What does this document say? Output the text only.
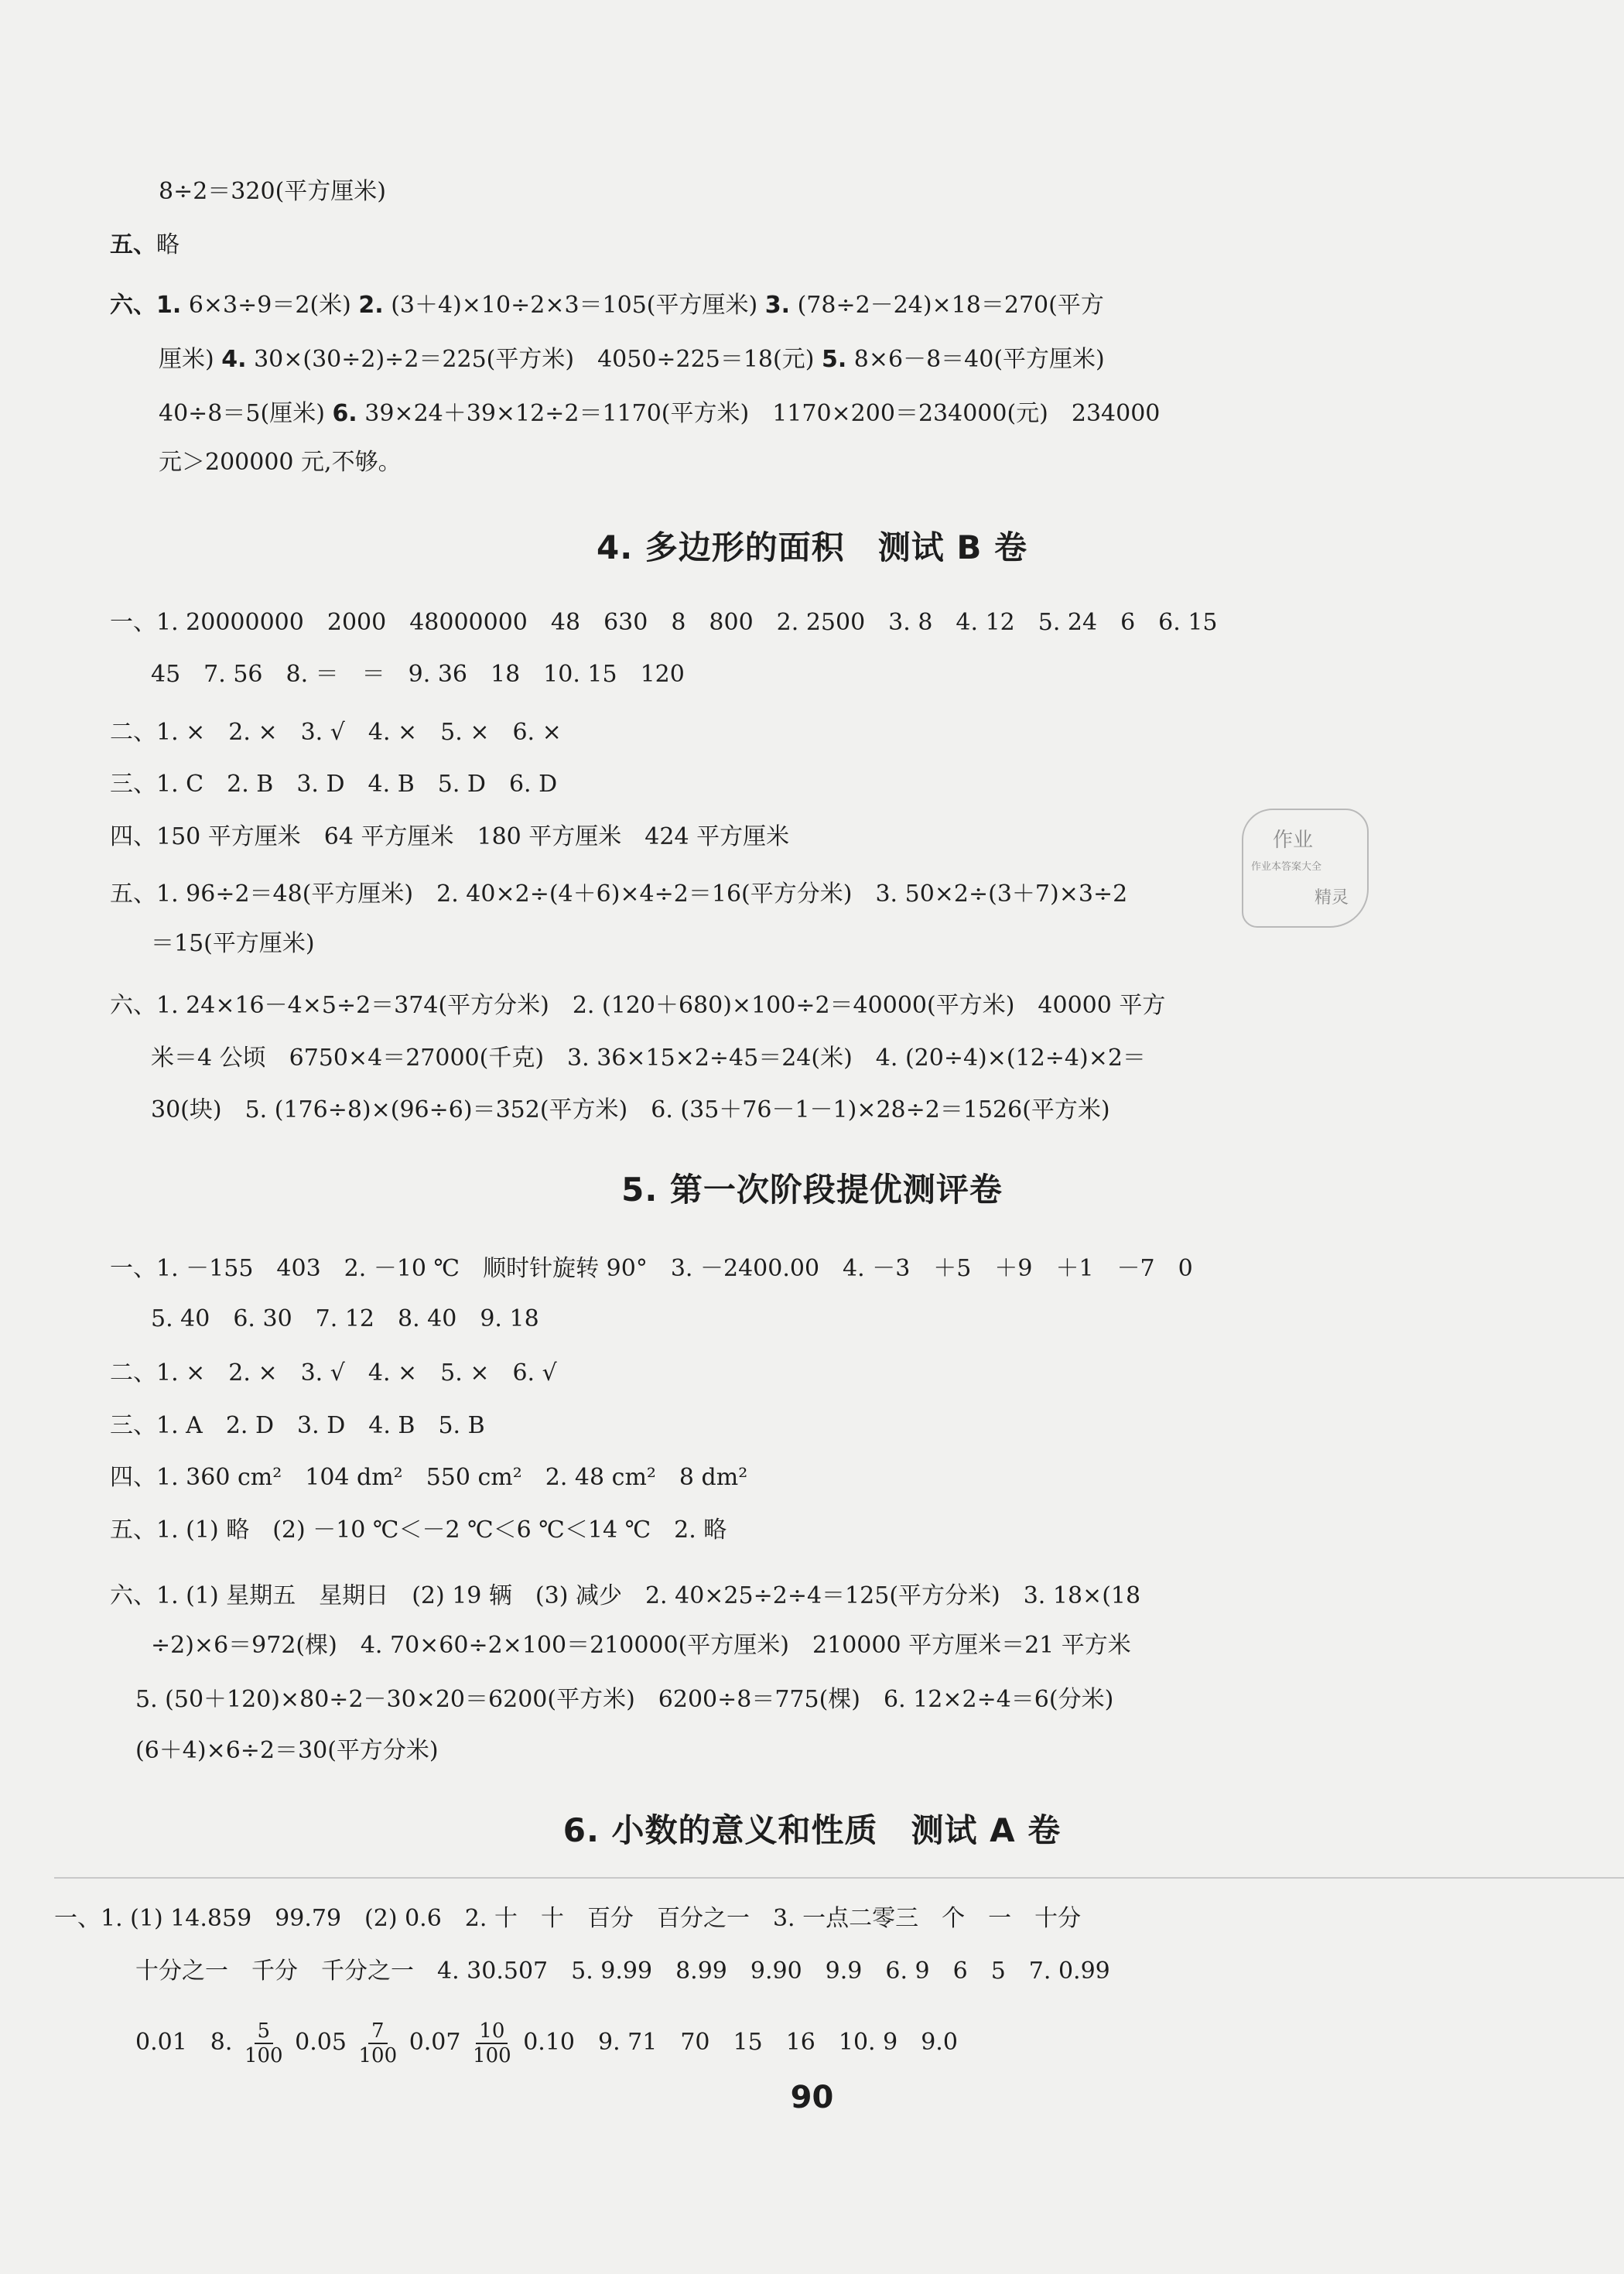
8÷2＝320(平方厘米)
五、略
六、1. 6×3÷9＝2(米) 2. (3＋4)×10÷2×3＝105(平方厘米) 3. (78÷2－24)×18＝270(平方
厘米) 4. 30×(30÷2)÷2＝225(平方米)　4050÷225＝18(元) 5. 8×6－8＝40(平方厘米)
40÷8＝5(厘米) 6. 39×24＋39×12÷2＝1170(平方米)　1170×200＝234000(元)　234000
元＞200000 元,不够。
4. 多边形的面积　测试 B 卷
一、1. 20000000　2000　48000000　48　630　8　800　2. 2500　3. 8　4. 12　5. 24　6　6. 15
45　7. 56　8. ＝　＝　9. 36　18　10. 15　120
二、1. ×　2. ×　3. √　4. ×　5. ×　6. ×
三、1. C　2. B　3. D　4. B　5. D　6. D
四、150 平方厘米　64 平方厘米　180 平方厘米　424 平方厘米
五、1. 96÷2＝48(平方厘米)　2. 40×2÷(4＋6)×4÷2＝16(平方分米)　3. 50×2÷(3＋7)×3÷2
＝15(平方厘米)
六、1. 24×16－4×5÷2＝374(平方分米)　2. (120＋680)×100÷2＝40000(平方米)　40000 平方
米＝4 公顷　6750×4＝27000(千克)　3. 36×15×2÷45＝24(米)　4. (20÷4)×(12÷4)×2＝
30(块)　5. (176÷8)×(96÷6)＝352(平方米)　6. (35＋76－1－1)×28÷2＝1526(平方米)
作业
作业本答案大全
精灵
5. 第一次阶段提优测评卷
一、1. －155　403　2. －10 ℃　顺时针旋转 90°　3. －2400.00　4. －3　＋5　＋9　＋1　－7　0
5. 40　6. 30　7. 12　8. 40　9. 18
二、1. ×　2. ×　3. √　4. ×　5. ×　6. √
三、1. A　2. D　3. D　4. B　5. B
四、1. 360 cm²　104 dm²　550 cm²　2. 48 cm²　8 dm²
五、1. (1) 略　(2) －10 ℃＜－2 ℃＜6 ℃＜14 ℃　2. 略
六、1. (1) 星期五　星期日　(2) 19 辆　(3) 减少　2. 40×25÷2÷4＝125(平方分米)　3. 18×(18
÷2)×6＝972(棵)　4. 70×60÷2×100＝210000(平方厘米)　210000 平方厘米＝21 平方米
5. (50＋120)×80÷2－30×20＝6200(平方米)　6200÷8＝775(棵)　6. 12×2÷4＝6(分米)
(6＋4)×6÷2＝30(平方分米)
6. 小数的意义和性质　测试 A 卷
一、1. (1) 14.859　99.79　(2) 0.6　2. 十　十　百分　百分之一　3. 一点二零三　个　一　十分
十分之一　千分　千分之一　4. 30.507　5. 9.99　8.99　9.90　9.9　6. 9　6　5　7. 0.99
0.01　8. $\frac{5}{100} 0.05 \frac{7}{100} 0.07 \frac{10}{100} 0.10$　9. 71　70　15　16　10. 9　9.0
90
